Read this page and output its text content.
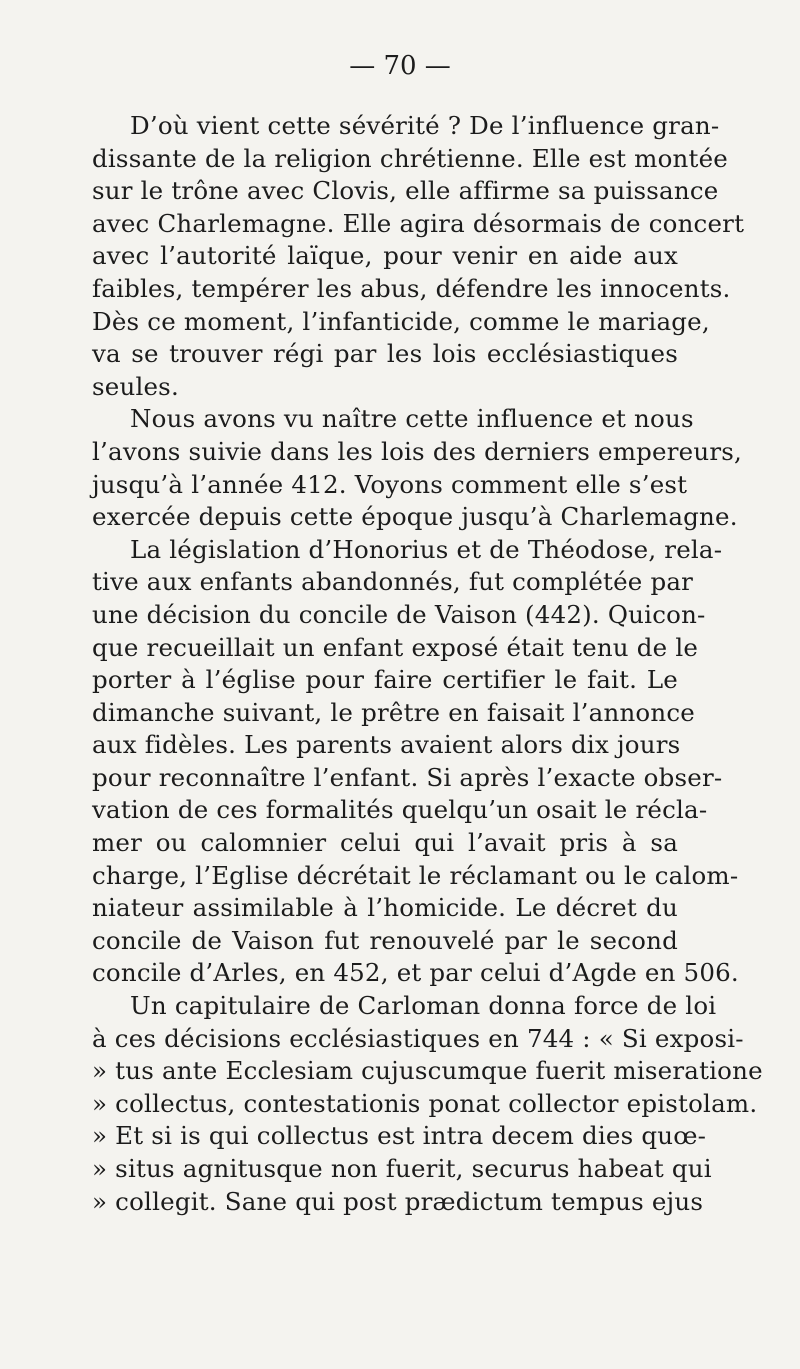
— 70 —
D’où vient cette sévérité ? De l’influence gran-
dissante de la religion chrétienne. Elle est montée
sur le trône avec Clovis, elle affirme sa puissance
avec Charlemagne. Elle agira désormais de concert
avec l’autorité laïque, pour venir en aide aux
faibles, tempérer les abus, défendre les innocents.
Dès ce moment, l’infanticide, comme le mariage,
va se trouver régi par les lois ecclésiastiques
seules.
Nous avons vu naître cette influence et nous
l’avons suivie dans les lois des derniers empereurs,
jusqu’à l’année 412. Voyons comment elle s’est
exercée depuis cette époque jusqu’à Charlemagne.
La législation d’Honorius et de Théodose, rela-
tive aux enfants abandonnés, fut complétée par
une décision du concile de Vaison (442). Quicon-
que recueillait un enfant exposé était tenu de le
porter à l’église pour faire certifier le fait. Le
dimanche suivant, le prêtre en faisait l’annonce
aux fidèles. Les parents avaient alors dix jours
pour reconnaître l’enfant. Si après l’exacte obser-
vation de ces formalités quelqu’un osait le récla-
mer ou calomnier celui qui l’avait pris à sa
charge, l’Eglise décrétait le réclamant ou le calom-
niateur assimilable à l’homicide. Le décret du
concile de Vaison fut renouvelé par le second
concile d’Arles, en 452, et par celui d’Agde en 506.
Un capitulaire de Carloman donna force de loi
à ces décisions ecclésiastiques en 744 : « Si exposi-
» tus ante Ecclesiam cujuscumque fuerit miseratione
» collectus, contestationis ponat collector epistolam.
» Et si is qui collectus est intra decem dies quœ-
» situs agnitusque non fuerit, securus habeat qui
» collegit. Sane qui post prædictum tempus ejus
